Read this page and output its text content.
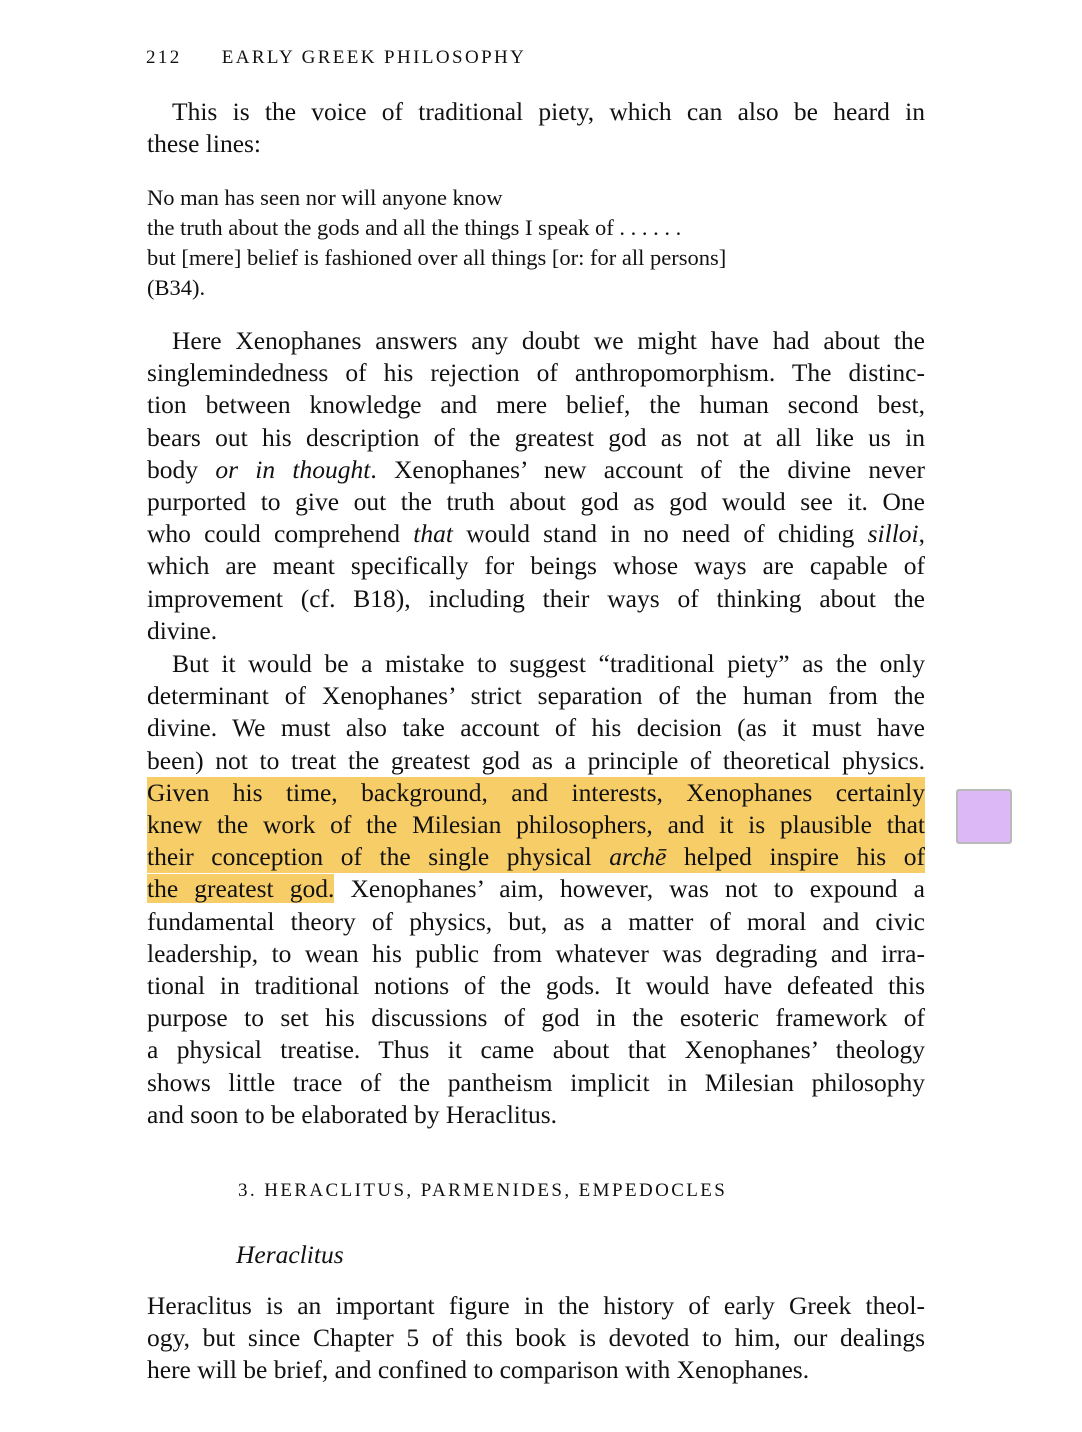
212 EARLY GREEK PHILOSOPHY

This is the voice of traditional piety, which can also be heard in
these lines:

No man has seen nor will anyone know
the truth about the gods and all the things I speak of . . . . . .
but [mere] belief is fashioned over all things [or: for all persons]
(B34).
Here Xenophanes answers any doubt we might have had about the
singlemindedness of his rejection of anthropomorphism. The distinc-
tion between knowledge and mere belief, the human second best,
bears out his description of the greatest god as not at all like us in
body or in thought. Xenophanes’ new account of the divine never
purported to give out the truth about god as god would see it. One
who could comprehend that would stand in no need of chiding silloi,
which are meant specifically for beings whose ways are capable of
improvement (cf. B18), including their ways of thinking about the
divine.
But it would be a mistake to suggest “traditional piety” as the only
determinant of Xenophanes’ strict separation of the human from the
divine. We must also take account of his decision (as it must have
been) not to treat the greatest god as a principle of theoretical physics.
Given his time, background, and interests, Xenophanes certainly
knew the work of the Milesian philosophers, and it is plausible that
their conception of the single physical archē helped inspire his of
the greatest god. Xenophanes’ aim, however, was not to expound a
fundamental theory of physics, but, as a matter of moral and civic
leadership, to wean his public from whatever was degrading and irra-
tional in traditional notions of the gods. It would have defeated this
purpose to set his discussions of god in the esoteric framework of
a physical treatise. Thus it came about that Xenophanes’ theology
shows little trace of the pantheism implicit in Milesian philosophy
and soon to be elaborated by Heraclitus.
3. HERACLITUS, PARMENIDES, EMPEDOCLES
Heraclitus
Heraclitus is an important figure in the history of early Greek theol-
ogy, but since Chapter 5 of this book is devoted to him, our dealings
here will be brief, and confined to comparison with Xenophanes.
